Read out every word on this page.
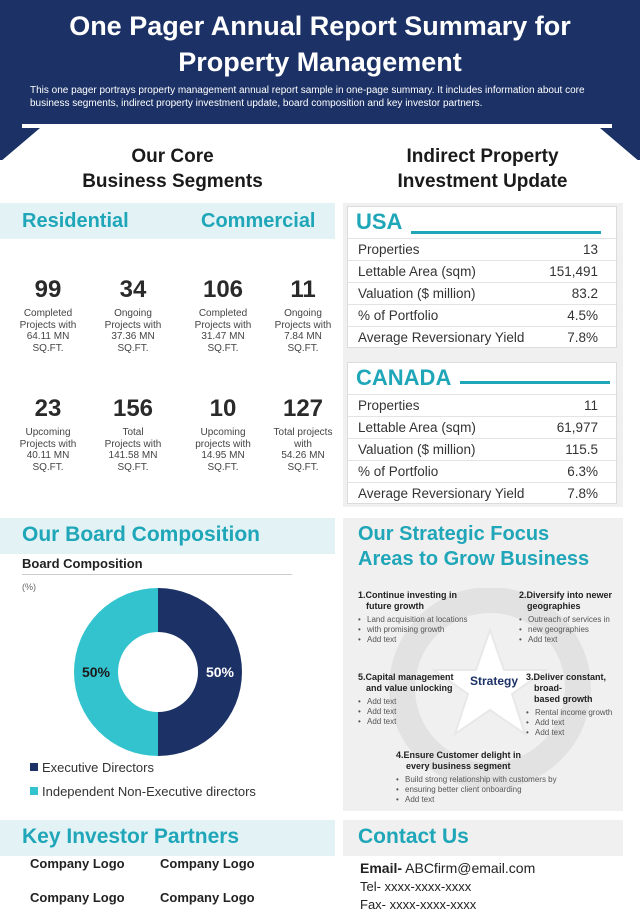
One Pager Annual Report Summary for Property Management
This one pager portrays property management annual report sample in one-page summary. It includes information about core business segments, indirect property investment update, board composition and key investor partners.
Our Core
Business Segments
Residential	Commercial
99
Completed
Projects with
64.11 MN
SQ.FT.
34
Ongoing
Projects with
37.36 MN
SQ.FT.
106
Completed
Projects with
31.47 MN
SQ.FT.
11
Ongoing
Projects with
7.84 MN
SQ.FT.
23
Upcoming
Projects with
40.11 MN
SQ.FT.
156
Total
Projects with
141.58 MN
SQ.FT.
10
Upcoming
projects with
14.95 MN
SQ.FT.
127
Total projects
with
54.26 MN
SQ.FT.
Indirect Property
Investment Update
USA
Properties	13
Lettable Area (sqm)	151,491
Valuation ($ million)	83.2
% of Portfolio	4.5%
Average Reversionary Yield	7.8%
CANADA
Properties	11
Lettable Area (sqm)	61,977
Valuation ($ million)	115.5
% of Portfolio	6.3%
Average Reversionary Yield	7.8%
Our Board Composition
Board Composition
(%)
50%
50%
Executive Directors
Independent Non-Executive directors
Our Strategic Focus
Areas to Grow Business
Strategy
1.Continue investing in
future growth
• Land acquisition at locations
• with promising growth
• Add text
2.Diversify into newer
geographies
• Outreach of services in
• new geographies
• Add text
5.Capital management
and value unlocking
• Add text
• Add text
• Add text
3.Deliver constant,
broad-
based growth
• Rental income growth
• Add text
• Add text
4.Ensure Customer delight in
every business segment
• Build strong relationship with customers by
• ensuring better client onboarding
• Add text
Key Investor Partners
Company Logo	Company Logo
Company Logo	Company Logo
Contact Us
Email- ABCfirm@email.com
Tel- xxxx-xxxx-xxxx
Fax- xxxx-xxxx-xxxx
